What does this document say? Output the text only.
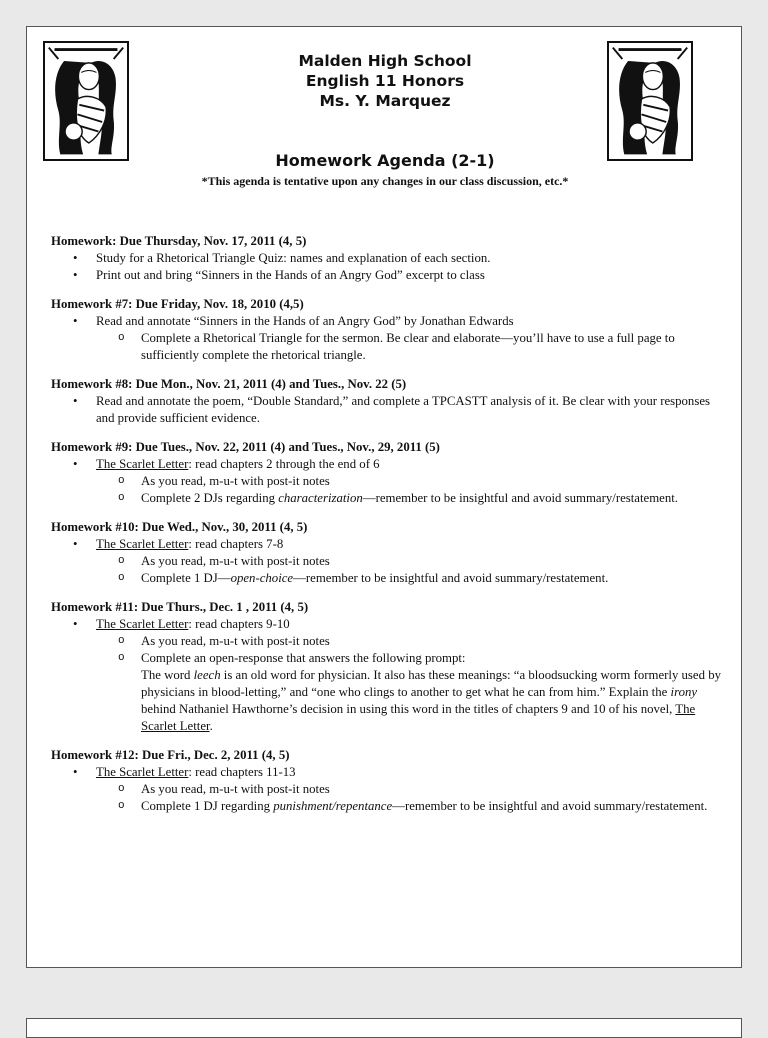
Malden High School
English 11 Honors
Ms. Y. Marquez
Homework Agenda (2-1)
*This agenda is tentative upon any changes in our class discussion, etc.*
Homework: Due Thursday, Nov. 17, 2011 (4, 5)
• Study for a Rhetorical Triangle Quiz: names and explanation of each section.
• Print out and bring “Sinners in the Hands of an Angry God” excerpt to class
Homework #7: Due Friday, Nov. 18, 2010 (4,5)
• Read and annotate “Sinners in the Hands of an Angry God” by Jonathan Edwards
o Complete a Rhetorical Triangle for the sermon. Be clear and elaborate—you’ll have to use a full page to sufficiently complete the rhetorical triangle.
Homework #8: Due Mon., Nov. 21, 2011 (4) and Tues., Nov. 22 (5)
• Read and annotate the poem, “Double Standard,” and complete a TPCASTT analysis of it. Be clear with your responses and provide sufficient evidence.
Homework #9: Due Tues., Nov. 22, 2011 (4) and Tues., Nov., 29, 2011 (5)
• The Scarlet Letter: read chapters 2 through the end of 6
o As you read, m-u-t with post-it notes
o Complete 2 DJs regarding characterization—remember to be insightful and avoid summary/restatement.
Homework #10: Due Wed., Nov., 30, 2011 (4, 5)
• The Scarlet Letter: read chapters 7-8
o As you read, m-u-t with post-it notes
o Complete 1 DJ—open-choice—remember to be insightful and avoid summary/restatement.
Homework #11: Due Thurs., Dec. 1 , 2011 (4, 5)
• The Scarlet Letter: read chapters 9-10
o As you read, m-u-t with post-it notes
o Complete an open-response that answers the following prompt:
The word leech is an old word for physician. It also has these meanings: “a bloodsucking worm formerly used by physicians in blood-letting,” and “one who clings to another to get what he can from him.” Explain the irony behind Nathaniel Hawthorne’s decision in using this word in the titles of chapters 9 and 10 of his novel, The Scarlet Letter.
Homework #12: Due Fri., Dec. 2, 2011 (4, 5)
• The Scarlet Letter: read chapters 11-13
o As you read, m-u-t with post-it notes
o Complete 1 DJ regarding punishment/repentance—remember to be insightful and avoid summary/restatement.
